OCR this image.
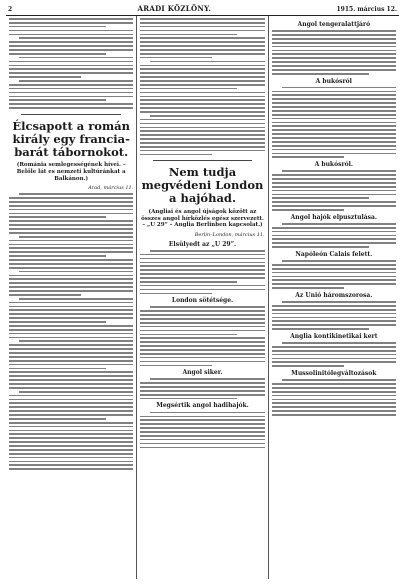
2	ARADI KÖZLÖNY.	1915. március 12.
Élcsapott a román király egy francia-barát tábornokot.
(Románia semlegességének hívei. – Belőle lát es nemzeti kultúránkat a Balkánon.)
Arad, március 11.
Nem tudja megvédeni London a hajóhad.
(Angliai és angol újságok között az összes angol hírközlés egész szervezett. – „U 29” – Anglia Berlinben kapcsolat.)
Berlin–London, március 11.
Elsülyedt az „U 29”.
London sötétsége.
Angol siker.
Megsértik angol hadihajók.
Angol tengeralattjáró
A bukósról
A bukósról.
Angol hajók elpusztulása.
Napóleón Calais felett.
Az Unió háromszorosa.
Anglia kontikinetikai kert
Mussolinitólegváltozások
